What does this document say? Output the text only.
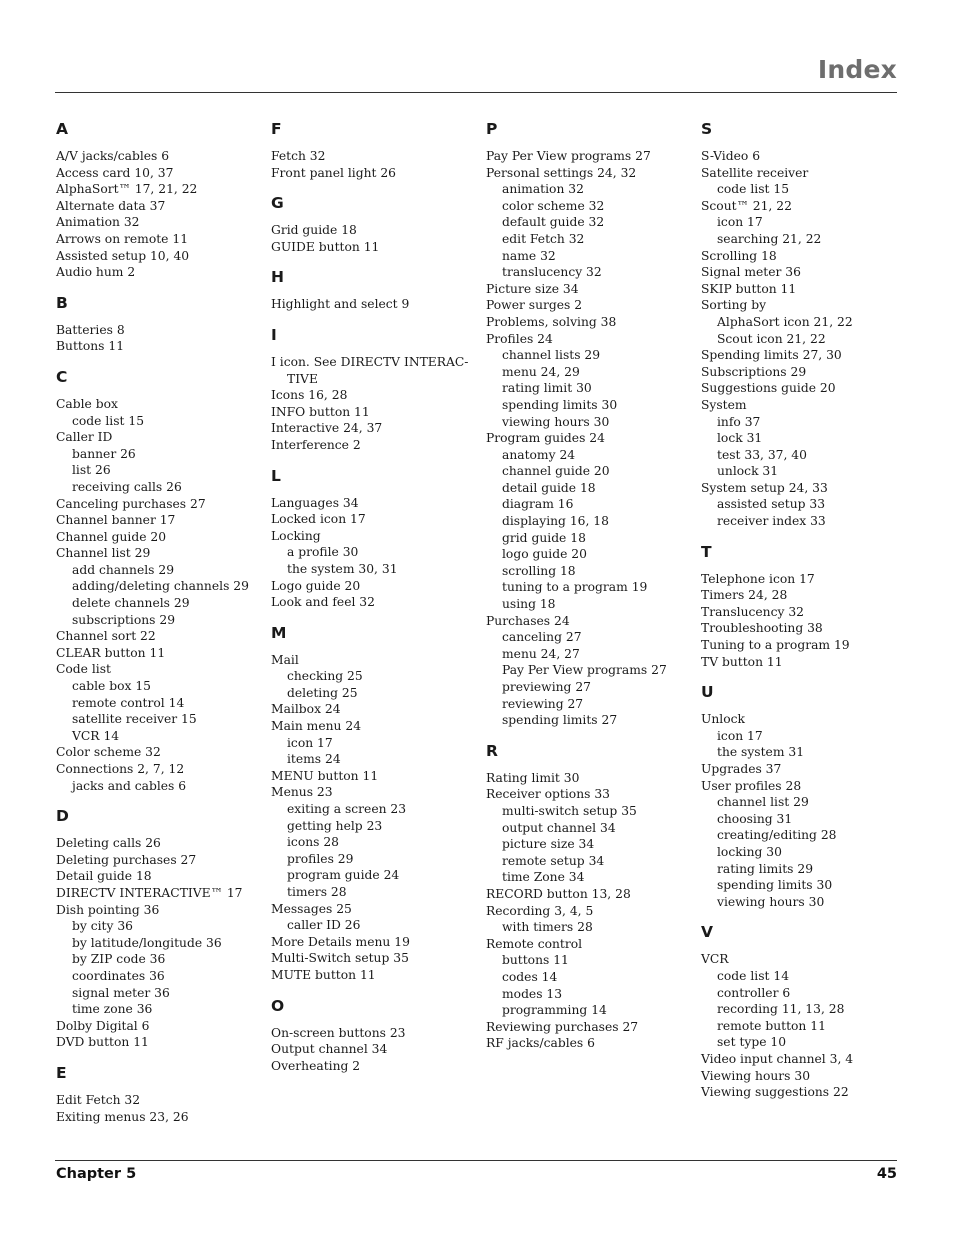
Index
A
A/V jacks/cables 6
Access card 10, 37
AlphaSort™ 17, 21, 22
Alternate data 37
Animation 32
Arrows on remote 11
Assisted setup 10, 40
Audio hum 2
B
Batteries 8
Buttons 11
C
Cable box
code list 15
Caller ID
banner 26
list 26
receiving calls 26
Canceling purchases 27
Channel banner 17
Channel guide 20
Channel list 29
add channels 29
adding/deleting channels 29
delete channels 29
subscriptions 29
Channel sort 22
CLEAR button 11
Code list
cable box 15
remote control 14
satellite receiver 15
VCR 14
Color scheme 32
Connections 2, 7, 12
jacks and cables 6
D
Deleting calls 26
Deleting purchases 27
Detail guide 18
DIRECTV INTERACTIVE™ 17
Dish pointing 36
by city 36
by latitude/longitude 36
by ZIP code 36
coordinates 36
signal meter 36
time zone 36
Dolby Digital 6
DVD button 11
E
Edit Fetch 32
Exiting menus 23, 26
F
Fetch 32
Front panel light 26
G
Grid guide 18
GUIDE button 11
H
Highlight and select 9
I
I icon. See DIRECTV INTERAC-
TIVE
Icons 16, 28
INFO button 11
Interactive 24, 37
Interference 2
L
Languages 34
Locked icon 17
Locking
a profile 30
the system 30, 31
Logo guide 20
Look and feel 32
M
Mail
checking 25
deleting 25
Mailbox 24
Main menu 24
icon 17
items 24
MENU button 11
Menus 23
exiting a screen 23
getting help 23
icons 28
profiles 29
program guide 24
timers 28
Messages 25
caller ID 26
More Details menu 19
Multi-Switch setup 35
MUTE button 11
O
On-screen buttons 23
Output channel 34
Overheating 2
P
Pay Per View programs 27
Personal settings 24, 32
animation 32
color scheme 32
default guide 32
edit Fetch 32
name 32
translucency 32
Picture size 34
Power surges 2
Problems, solving 38
Profiles 24
channel lists 29
menu 24, 29
rating limit 30
spending limits 30
viewing hours 30
Program guides 24
anatomy 24
channel guide 20
detail guide 18
diagram 16
displaying 16, 18
grid guide 18
logo guide 20
scrolling 18
tuning to a program 19
using 18
Purchases 24
canceling 27
menu 24, 27
Pay Per View programs 27
previewing 27
reviewing 27
spending limits 27
R
Rating limit 30
Receiver options 33
multi-switch setup 35
output channel 34
picture size 34
remote setup 34
time Zone 34
RECORD button 13, 28
Recording 3, 4, 5
with timers 28
Remote control
buttons 11
codes 14
modes 13
programming 14
Reviewing purchases 27
RF jacks/cables 6
S
S-Video 6
Satellite receiver
code list 15
Scout™ 21, 22
icon 17
searching 21, 22
Scrolling 18
Signal meter 36
SKIP button 11
Sorting by
AlphaSort icon 21, 22
Scout icon 21, 22
Spending limits 27, 30
Subscriptions 29
Suggestions guide 20
System
info 37
lock 31
test 33, 37, 40
unlock 31
System setup 24, 33
assisted setup 33
receiver index 33
T
Telephone icon 17
Timers 24, 28
Translucency 32
Troubleshooting 38
Tuning to a program 19
TV button 11
U
Unlock
icon 17
the system 31
Upgrades 37
User profiles 28
channel list 29
choosing 31
creating/editing 28
locking 30
rating limits 29
spending limits 30
viewing hours 30
V
VCR
code list 14
controller 6
recording 11, 13, 28
remote button 11
set type 10
Video input channel 3, 4
Viewing hours 30
Viewing suggestions 22
Chapter 5	45
